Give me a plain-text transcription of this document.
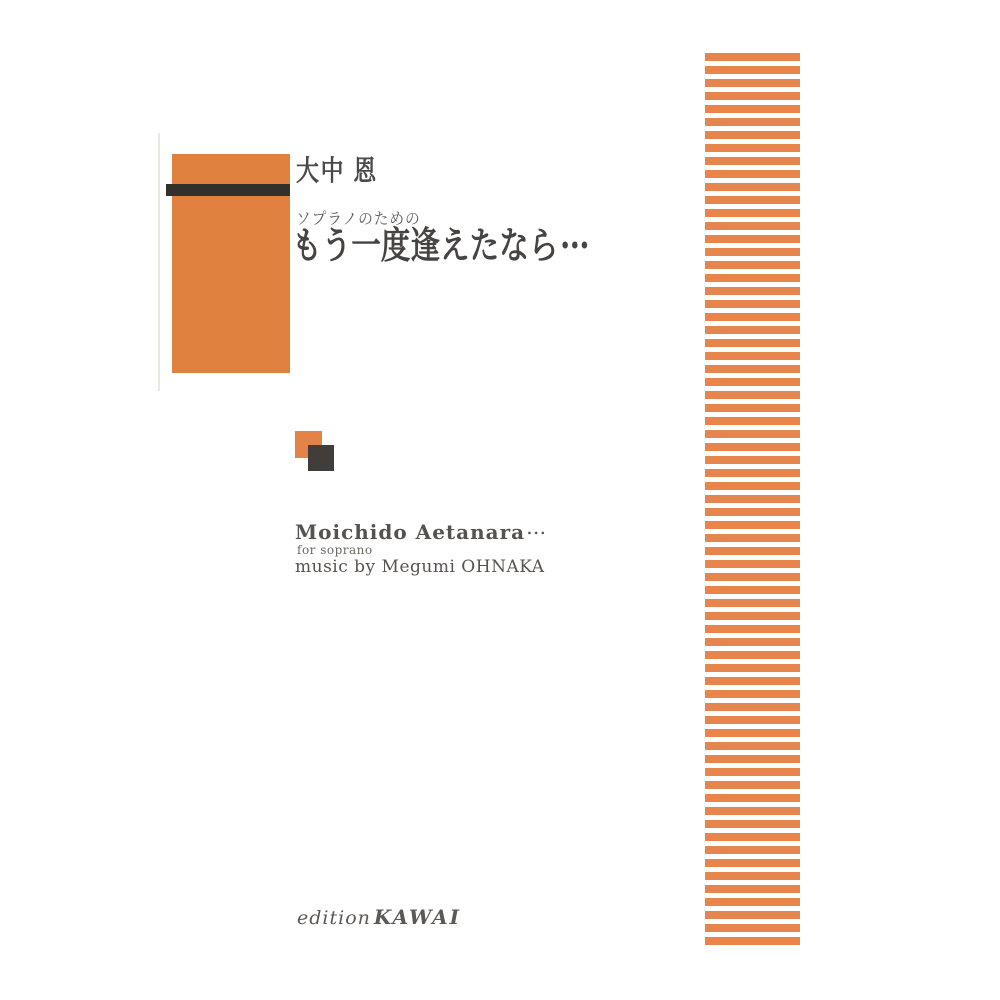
大中 恩
ソプラノのための
もう一度逢えたなら…
Moichido Aetanara…
for soprano
music by Megumi OHNAKA
edition KAWAI
